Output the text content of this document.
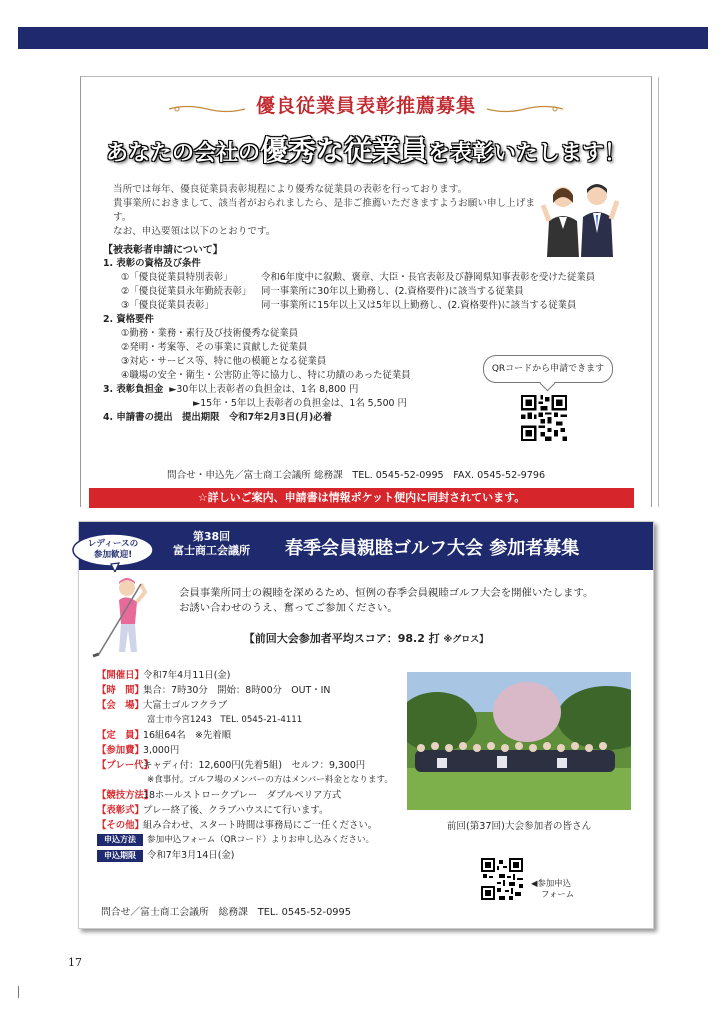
優良従業員表彰推薦募集
あなたの会社の優秀な従業員を表彰いたします！
当所では毎年、優良従業員表彰規程により優秀な従業員の表彰を行っております。
貴事業所におきまして、該当者がおられましたら、是非ご推薦いただきますようお願い申し上げます。
なお、申込要領は以下のとおりです。
【被表彰者申請について】
1. 表彰の資格及び条件
①「優良従業員特別表彰」	令和6年度中に叙勲、褒章、大臣・長官表彰及び静岡県知事表彰を受けた従業員
②「優良従業員永年勤続表彰」 同一事業所に30年以上勤務し、(2.資格要件)に該当する従業員
③「優良従業員表彰」	同一事業所に15年以上又は5年以上勤務し、(2.資格要件)に該当する従業員
2. 資格要件
①勤務・業務・素行及び技術優秀な従業員
②発明・考案等、その事業に貢献した従業員
③対応・サービス等、特に他の模範となる従業員
④職場の安全・衛生・公害防止等に協力し、特に功績のあった従業員
3. 表彰負担金 ►30年以上表彰者の負担金は、1名 8,800 円
►15年・5年以上表彰者の負担金は、1名 5,500 円
4. 申請書の提出　提出期限　令和7年2月3日(月)必着
QRコードから申請できます
問合せ・申込先／富士商工会議所 総務課　TEL. 0545-52-0995　FAX. 0545-52-9796
☆詳しいご案内、申請書は情報ポケット便内に同封されています。
第38回
富士商工会議所 春季会員親睦ゴルフ大会 参加者募集
レディースの
参加歓迎!
会員事業所同士の親睦を深めるため、恒例の春季会員親睦ゴルフ大会を開催いたします。
お誘い合わせのうえ、奮ってご参加ください。
【前回大会参加者平均スコア：98.2 打 ※グロス】
【開催日】令和7年4月11日(金)
【時　間】集合：7時30分　開始：8時00分　OUT・IN
【会　場】大富士ゴルフクラブ
富士市今宮1243　TEL. 0545-21-4111
【定　員】16組64名　※先着順
【参加費】3,000円
【プレー代】キャディ付：12,600円(先着5組)　セルフ：9,300円
※食事付。ゴルフ場のメンバーの方はメンバー料金となります。
【競技方法】18ホールストロークプレー　ダブルペリア方式
【表彰式】プレー終了後、クラブハウスにて行います。
【その他】組み合わせ、スタート時間は事務局にご一任ください。
申込方法 参加申込フォーム（QRコード）よりお申し込みください。
申込期限 令和7年3月14日(金)
前回(第37回)大会参加者の皆さん
◀参加申込
フォーム
問合せ／富士商工会議所　総務課　TEL. 0545-52-0995
17
